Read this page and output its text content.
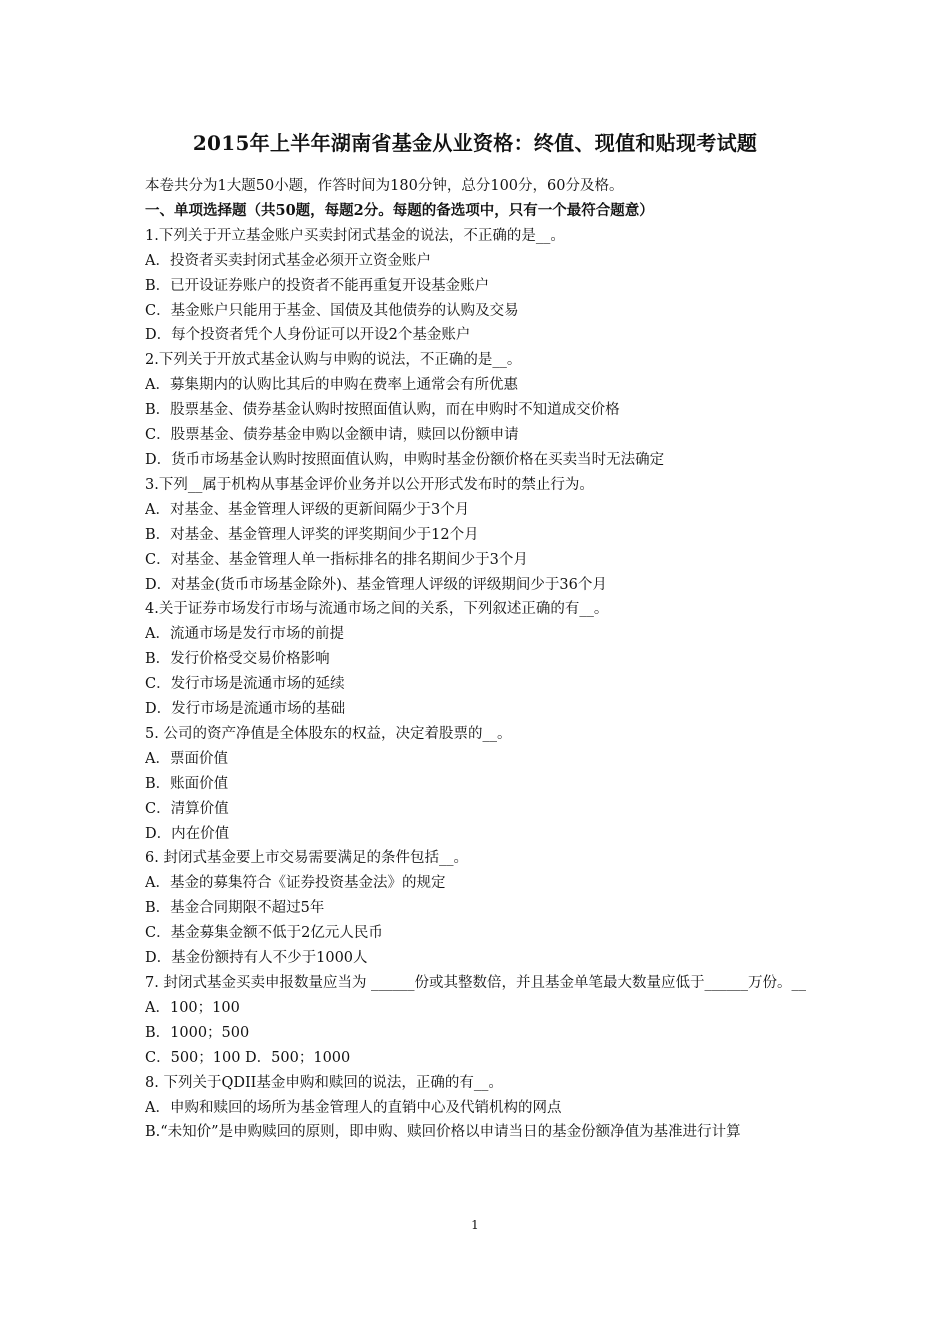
2015年上半年湖南省基金从业资格：终值、现值和贴现考试题
本卷共分为1大题50小题，作答时间为180分钟，总分100分，60分及格。
一、单项选择题（共50题，每题2分。每题的备选项中，只有一个最符合题意）
1.下列关于开立基金账户买卖封闭式基金的说法，不正确的是__。
A．投资者买卖封闭式基金必须开立资金账户
B．已开设证券账户的投资者不能再重复开设基金账户
C．基金账户只能用于基金、国债及其他债券的认购及交易
D．每个投资者凭个人身份证可以开设2个基金账户
2.下列关于开放式基金认购与申购的说法，不正确的是__。
A．募集期内的认购比其后的申购在费率上通常会有所优惠
B．股票基金、债券基金认购时按照面值认购，而在申购时不知道成交价格
C．股票基金、债券基金申购以金额申请，赎回以份额申请
D．货币市场基金认购时按照面值认购，申购时基金份额价格在买卖当时无法确定
3.下列__属于机构从事基金评价业务并以公开形式发布时的禁止行为。
A．对基金、基金管理人评级的更新间隔少于3个月
B．对基金、基金管理人评奖的评奖期间少于12个月
C．对基金、基金管理人单一指标排名的排名期间少于3个月
D．对基金(货币市场基金除外)、基金管理人评级的评级期间少于36个月
4.关于证券市场发行市场与流通市场之间的关系，下列叙述正确的有__。
A．流通市场是发行市场的前提
B．发行价格受交易价格影响
C．发行市场是流通市场的延续
D．发行市场是流通市场的基础
5. 公司的资产净值是全体股东的权益，决定着股票的__。
A．票面价值
B．账面价值
C．清算价值
D．内在价值
6. 封闭式基金要上市交易需要满足的条件包括__。
A．基金的募集符合《证券投资基金法》的规定
B．基金合同期限不超过5年
C．基金募集金额不低于2亿元人民币
D．基金份额持有人不少于1000人
7. 封闭式基金买卖申报数量应当为 ______份或其整数倍，并且基金单笔最大数量应低于______万份。__
A．100；100
B．1000；500
C．500；100 D．500；1000
8. 下列关于QDII基金申购和赎回的说法，正确的有__。
A．申购和赎回的场所为基金管理人的直销中心及代销机构的网点
B.“未知价”是申购赎回的原则，即申购、赎回价格以申请当日的基金份额净值为基准进行计算
1
